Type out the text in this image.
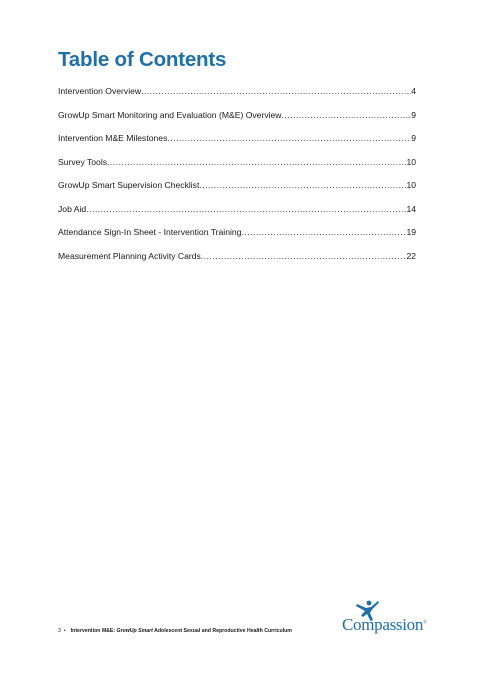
Table of Contents
Intervention Overview .....	4
GrowUp Smart Monitoring and Evaluation (M&E) Overview .....	9
Intervention M&E Milestones .....	9
Survey Tools .....	10
GrowUp Smart Supervision Checklist .....	10
Job Aid .....	14
Attendance Sign-In Sheet - Intervention Training .....	19
Measurement Planning Activity Cards .....	22
3 • Intervention M&E: GrowUp Smart Adolescent Sexual and Reproductive Health Curriculum	Compassion®
